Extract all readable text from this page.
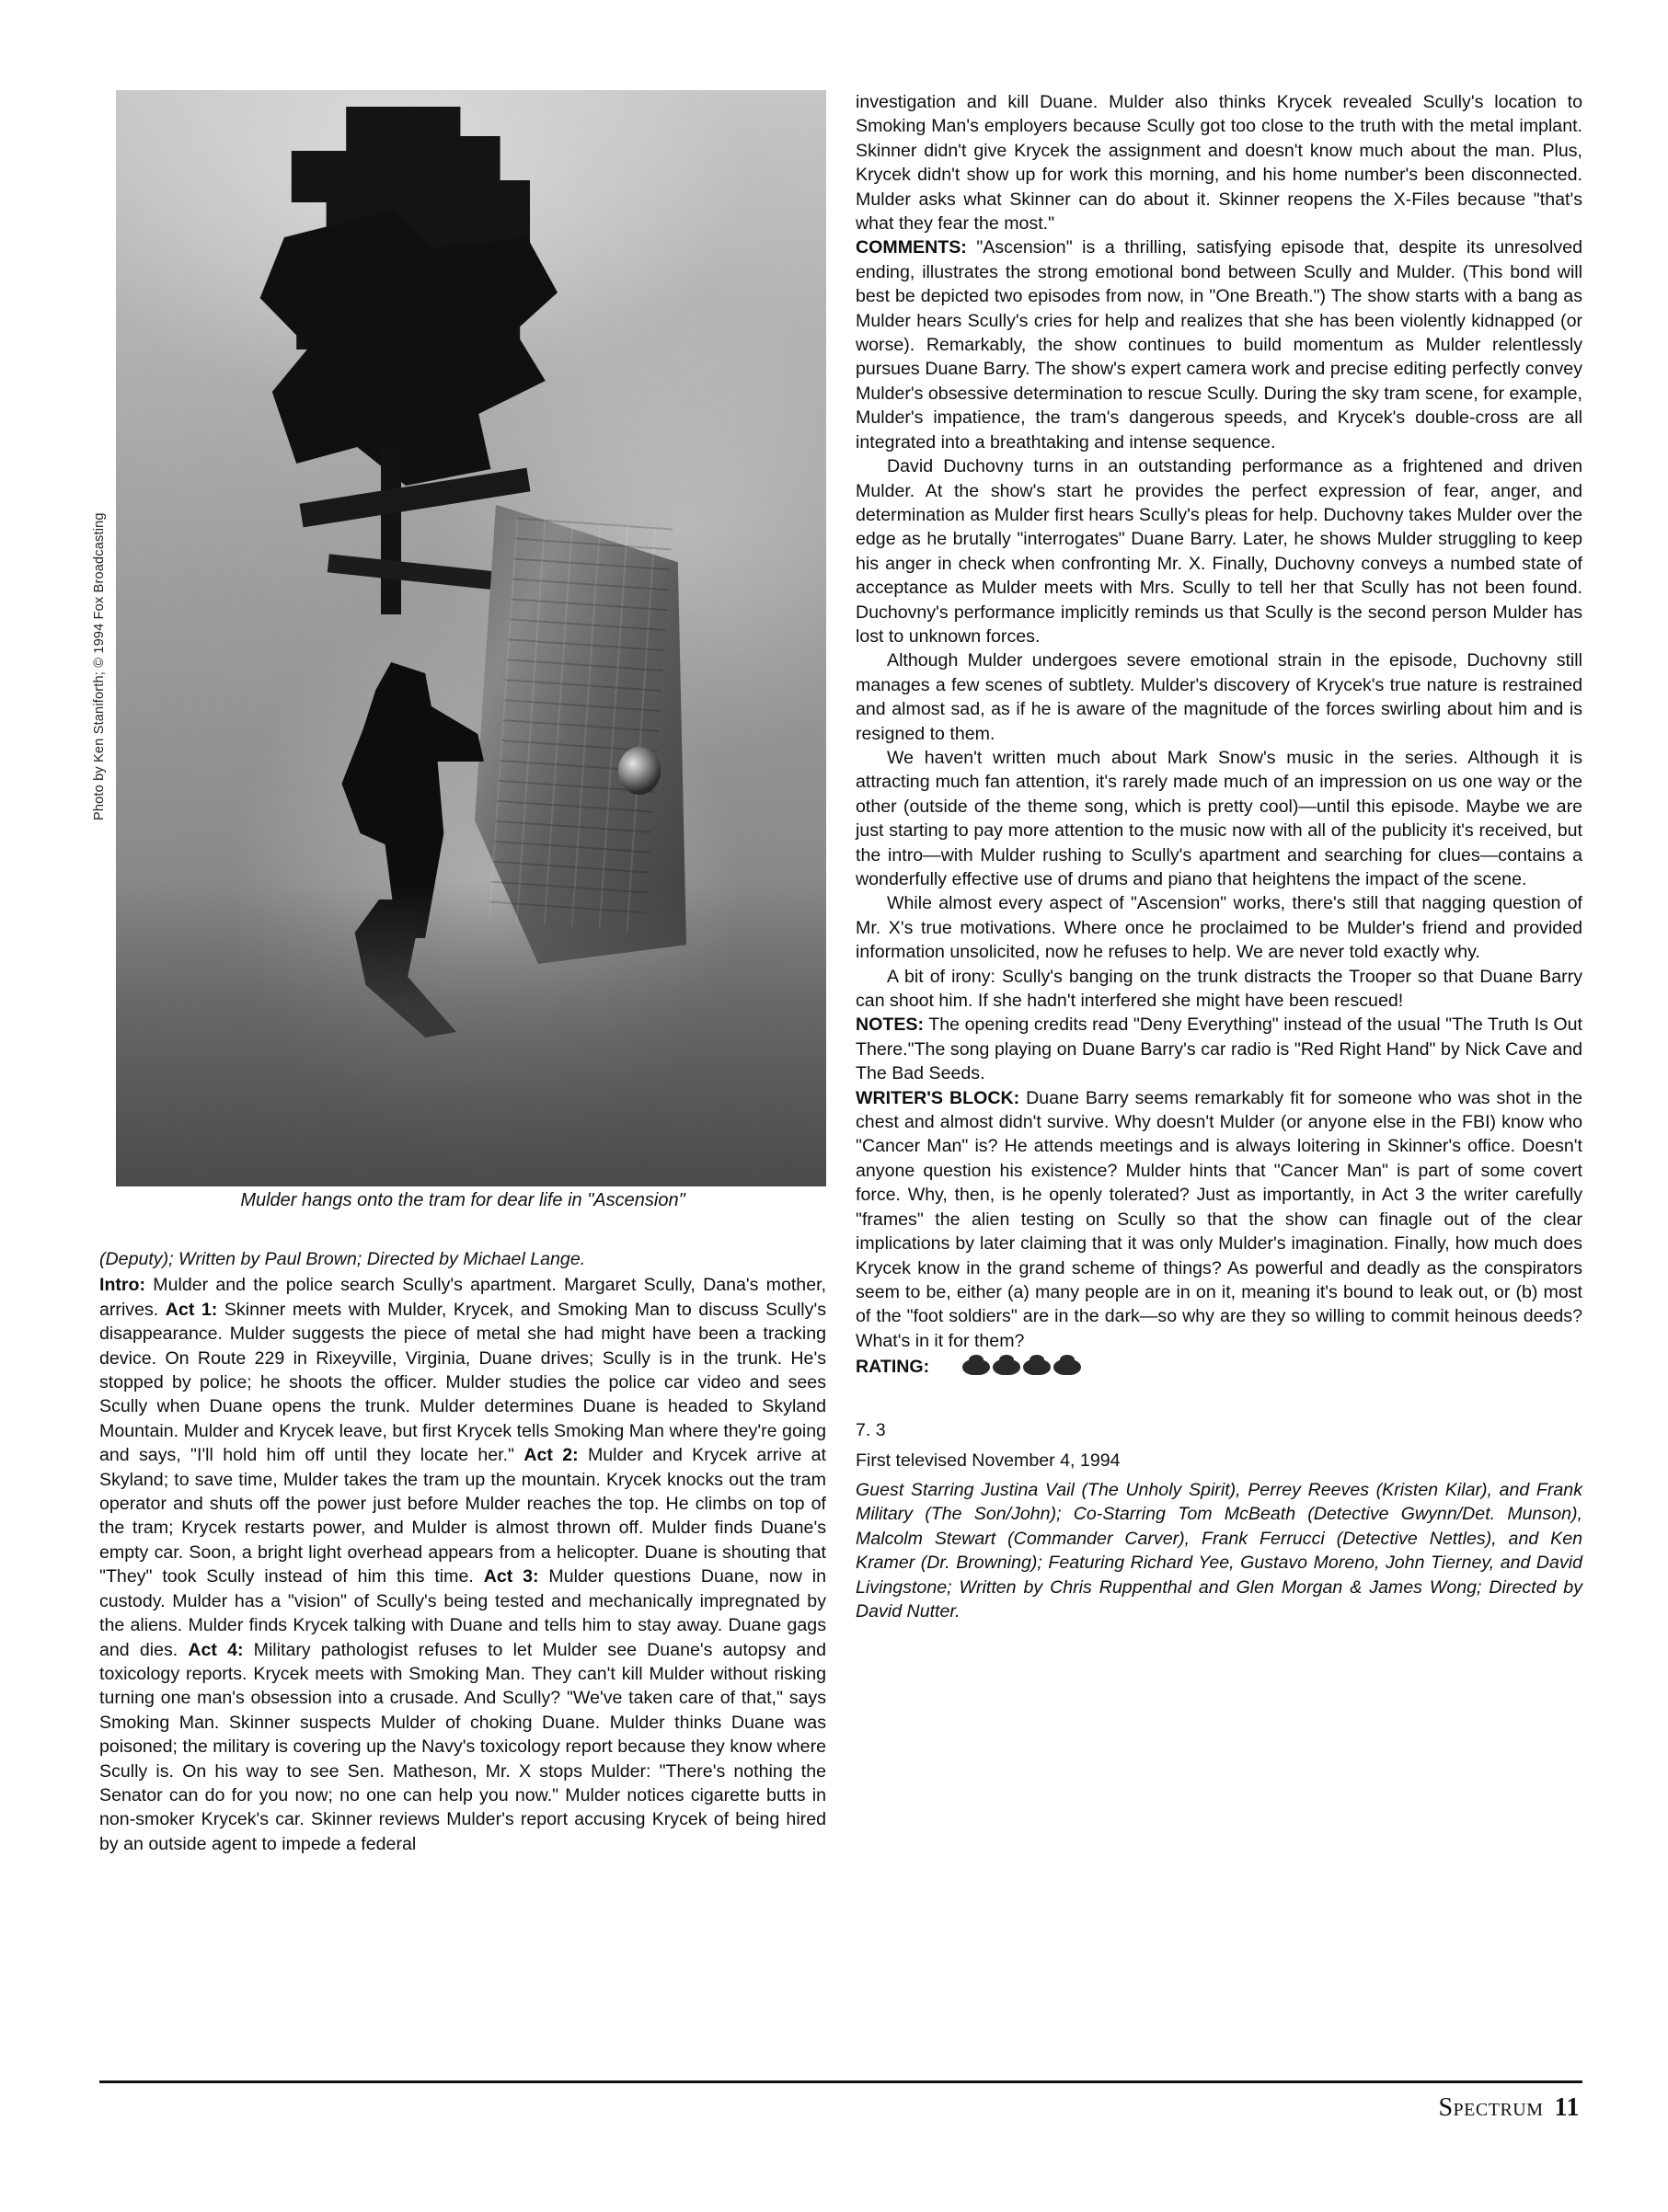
Photo by Ken Staniforth; © 1994 Fox Broadcasting
Mulder hangs onto the tram for dear life in "Ascension"

(Deputy); Written by Paul Brown; Directed by Michael Lange.

Intro: Mulder and the police search Scully's apartment. Margaret Scully, Dana's mother, arrives. Act 1: Skinner meets with Mulder, Krycek, and Smoking Man to discuss Scully's disappearance. Mulder suggests the piece of metal she had might have been a tracking device. On Route 229 in Rixeyville, Virginia, Duane drives; Scully is in the trunk. He's stopped by police; he shoots the officer. Mulder studies the police car video and sees Scully when Duane opens the trunk. Mulder determines Duane is headed to Skyland Mountain. Mulder and Krycek leave, but first Krycek tells Smoking Man where they're going and says, "I'll hold him off until they locate her." Act 2: Mulder and Krycek arrive at Skyland; to save time, Mulder takes the tram up the mountain. Krycek knocks out the tram operator and shuts off the power just before Mulder reaches the top. He climbs on top of the tram; Krycek restarts power, and Mulder is almost thrown off. Mulder finds Duane's empty car. Soon, a bright light overhead appears from a helicopter. Duane is shouting that "They" took Scully instead of him this time. Act 3: Mulder questions Duane, now in custody. Mulder has a "vision" of Scully's being tested and mechanically impregnated by the aliens. Mulder finds Krycek talking with Duane and tells him to stay away. Duane gags and dies. Act 4: Military pathologist refuses to let Mulder see Duane's autopsy and toxicology reports. Krycek meets with Smoking Man. They can't kill Mulder without risking turning one man's obsession into a crusade. And Scully? "We've taken care of that," says Smoking Man. Skinner suspects Mulder of choking Duane. Mulder thinks Duane was poisoned; the military is covering up the Navy's toxicology report because they know where Scully is. On his way to see Sen. Matheson, Mr. X stops Mulder: "There's nothing the Senator can do for you now; no one can help you now." Mulder notices cigarette butts in non-smoker Krycek's car. Skinner reviews Mulder's report accusing Krycek of being hired by an outside agent to impede a federal

investigation and kill Duane. Mulder also thinks Krycek revealed Scully's location to Smoking Man's employers because Scully got too close to the truth with the metal implant. Skinner didn't give Krycek the assignment and doesn't know much about the man. Plus, Krycek didn't show up for work this morning, and his home number's been disconnected. Mulder asks what Skinner can do about it. Skinner reopens the X-Files because "that's what they fear the most."

COMMENTS: "Ascension" is a thrilling, satisfying episode that, despite its unresolved ending, illustrates the strong emotional bond between Scully and Mulder. (This bond will best be depicted two episodes from now, in "One Breath.") The show starts with a bang as Mulder hears Scully's cries for help and realizes that she has been violently kidnapped (or worse). Remarkably, the show continues to build momentum as Mulder relentlessly pursues Duane Barry. The show's expert camera work and precise editing perfectly convey Mulder's obsessive determination to rescue Scully. During the sky tram scene, for example, Mulder's impatience, the tram's dangerous speeds, and Krycek's double-cross are all integrated into a breathtaking and intense sequence.

David Duchovny turns in an outstanding performance as a frightened and driven Mulder. At the show's start he provides the perfect expression of fear, anger, and determination as Mulder first hears Scully's pleas for help. Duchovny takes Mulder over the edge as he brutally "interrogates" Duane Barry. Later, he shows Mulder struggling to keep his anger in check when confronting Mr. X. Finally, Duchovny conveys a numbed state of acceptance as Mulder meets with Mrs. Scully to tell her that Scully has not been found. Duchovny's performance implicitly reminds us that Scully is the second person Mulder has lost to unknown forces.

Although Mulder undergoes severe emotional strain in the episode, Duchovny still manages a few scenes of subtlety. Mulder's discovery of Krycek's true nature is restrained and almost sad, as if he is aware of the magnitude of the forces swirling about him and is resigned to them.

We haven't written much about Mark Snow's music in the series. Although it is attracting much fan attention, it's rarely made much of an impression on us one way or the other (outside of the theme song, which is pretty cool)—until this episode. Maybe we are just starting to pay more attention to the music now with all of the publicity it's received, but the intro—with Mulder rushing to Scully's apartment and searching for clues—contains a wonderfully effective use of drums and piano that heightens the impact of the scene.

While almost every aspect of "Ascension" works, there's still that nagging question of Mr. X's true motivations. Where once he proclaimed to be Mulder's friend and provided information unsolicited, now he refuses to help. We are never told exactly why.

A bit of irony: Scully's banging on the trunk distracts the Trooper so that Duane Barry can shoot him. If she hadn't interfered she might have been rescued!

NOTES: The opening credits read "Deny Everything" instead of the usual "The Truth Is Out There."The song playing on Duane Barry's car radio is "Red Right Hand" by Nick Cave and The Bad Seeds.

WRITER'S BLOCK: Duane Barry seems remarkably fit for someone who was shot in the chest and almost didn't survive. Why doesn't Mulder (or anyone else in the FBI) know who "Cancer Man" is? He attends meetings and is always loitering in Skinner's office. Doesn't anyone question his existence? Mulder hints that "Cancer Man" is part of some covert force. Why, then, is he openly tolerated? Just as importantly, in Act 3 the writer carefully "frames" the alien testing on Scully so that the show can finagle out of the clear implications by later claiming that it was only Mulder's imagination. Finally, how much does Krycek know in the grand scheme of things? As powerful and deadly as the conspirators seem to be, either (a) many people are in on it, meaning it's bound to leak out, or (b) most of the "foot soldiers" are in the dark—so why are they so willing to commit heinous deeds? What's in it for them?

RATING:

7. 3

First televised November 4, 1994

Guest Starring Justina Vail (The Unholy Spirit), Perrey Reeves (Kristen Kilar), and Frank Military (The Son/John); Co-Starring Tom McBeath (Detective Gwynn/Det. Munson), Malcolm Stewart (Commander Carver), Frank Ferrucci (Detective Nettles), and Ken Kramer (Dr. Browning); Featuring Richard Yee, Gustavo Moreno, John Tierney, and David Livingstone; Written by Chris Ruppenthal and Glen Morgan & James Wong; Directed by David Nutter.

Spectrum 11
